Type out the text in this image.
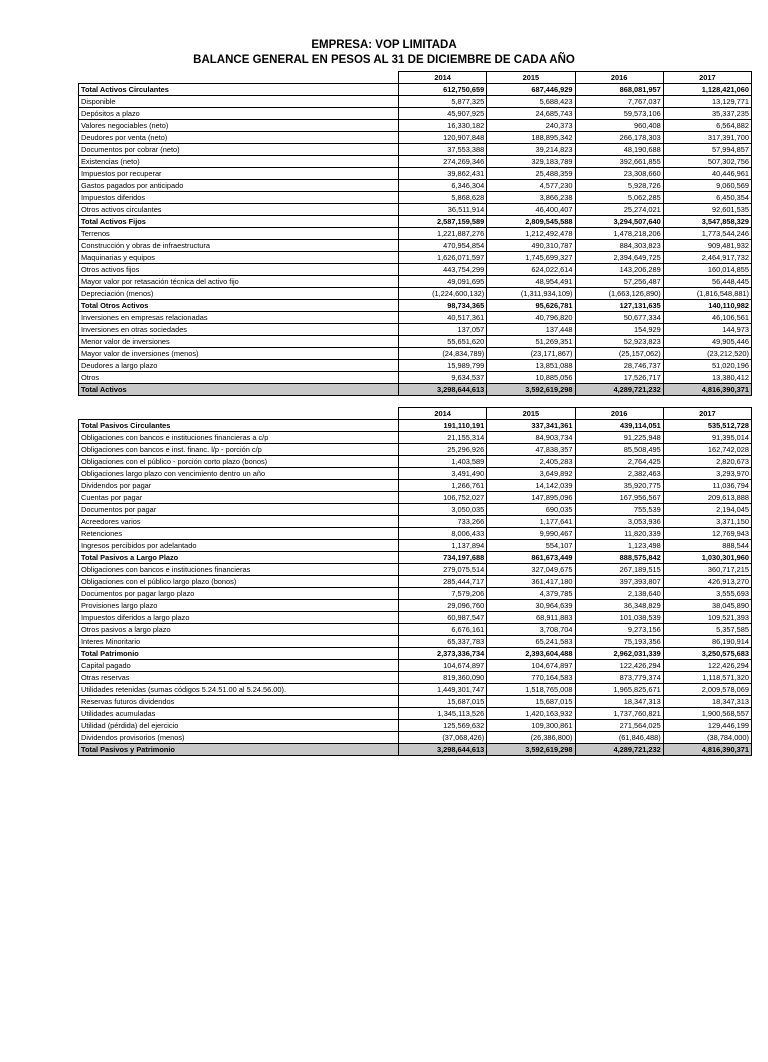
EMPRESA: VOP LIMITADA
BALANCE GENERAL EN PESOS AL 31 DE DICIEMBRE DE CADA AÑO
	2014	2015	2016	2017
Total Activos Circulantes	612,750,659	687,446,929	868,081,957	1,128,421,060
Disponible	5,877,325	5,688,423	7,767,037	13,129,771
Depósitos a plazo	45,907,925	24,685,743	59,573,106	35,337,235
Valores negociables (neto)	16,330,182	240,373	960,408	6,564,882
Deudores por venta (neto)	120,907,848	188,895,342	266,178,303	317,391,700
Documentos por cobrar (neto)	37,553,388	39,214,823	48,190,688	57,994,857
Existencias (neto)	274,269,346	329,183,789	392,661,855	507,302,756
Impuestos por recuperar	39,862,431	25,488,359	23,308,660	40,446,961
Gastos pagados por anticipado	6,346,304	4,577,230	5,928,726	9,060,569
Impuestos diferidos	5,868,628	3,866,238	5,062,285	6,450,354
Otros activos circulantes	36,511,914	46,400,407	25,274,021	92,601,535
Total Activos Fijos	2,587,159,589	2,809,545,588	3,294,507,640	3,547,858,329
Terrenos	1,221,887,276	1,212,492,478	1,478,218,206	1,773,544,246
Construcción y obras de infraestructura	470,954,854	490,310,787	884,303,823	909,481,932
Maquinarias y equipos	1,626,071,597	1,745,699,327	2,394,649,725	2,464,917,732
Otros activos fijos	443,754,299	624,022,614	143,206,289	160,014,855
Mayor valor por retasación técnica del activo fijo	49,091,695	48,954,491	57,256,487	56,448,445
Depreciación (menos)	(1,224,600,132)	(1,311,934,109)	(1,663,126,890)	(1,816,548,881)
Total Otros Activos	98,734,365	95,626,781	127,131,635	140,110,982
Inversiones en empresas relacionadas	40,517,361	40,796,820	50,677,334	46,106,561
Inversiones en otras sociedades	137,057	137,448	154,929	144,973
Menor valor de inversiones	55,651,620	51,269,351	52,923,823	49,905,446
Mayor valor de inversiones (menos)	(24,834,789)	(23,171,867)	(25,157,062)	(23,212,520)
Deudores a largo plazo	15,989,799	13,851,088	28,746,737	51,020,196
Otros	9,634,537	10,885,056	17,526,717	13,380,412
Total Activos	3,298,644,613	3,592,619,298	4,289,721,232	4,816,390,371
	2014	2015	2016	2017
Total Pasivos Circulantes	191,110,191	337,341,361	439,114,051	535,512,728
Obligaciones con bancos e instituciones financieras a c/p	21,155,314	84,903,734	91,225,948	91,395,014
Obligaciones con bancos e inst. financ. l/p - porción c/p	25,296,926	47,838,357	85,508,495	162,742,028
Obligaciones con el público - porción corto plazo (bonos)	1,403,589	2,405,283	2,764,425	2,820,673
Obligaciones largo plazo con vencimiento dentro un año	3,491,490	3,649,892	2,382,463	3,293,970
Dividendos por pagar	1,266,761	14,142,039	35,920,775	11,036,794
Cuentas por pagar	106,752,027	147,895,096	167,956,567	209,613,888
Documentos por pagar	3,050,035	690,035	755,539	2,194,045
Acreedores varios	733,266	1,177,641	3,053,936	3,371,150
Retenciones	8,006,433	9,990,467	11,820,339	12,769,943
Ingresos percibidos por adelantado	1,137,894	554,107	1,123,498	888,544
Total Pasivos a Largo Plazo	734,197,688	861,673,449	888,575,842	1,030,301,960
Obligaciones con bancos e instituciones financieras	279,075,514	327,049,675	267,189,515	360,717,215
Obligaciones con el público largo plazo (bonos)	285,444,717	361,417,180	397,393,807	426,913,270
Documentos por pagar largo plazo	7,579,206	4,379,785	2,138,640	3,555,693
Provisiones largo plazo	29,096,760	30,964,639	36,348,829	38,045,890
Impuestos diferidos a largo plazo	60,987,547	68,911,883	101,038,539	109,521,393
Otros pasivos a largo plazo	6,676,161	3,708,704	9,273,156	5,357,585
Interes Minoritario	65,337,783	65,241,583	75,193,356	86,190,914
Total Patrimonio	2,373,336,734	2,393,604,488	2,962,031,339	3,250,575,683
Capital pagado	104,674,897	104,674,897	122,426,294	122,426,294
Otras reservas	819,360,090	770,164,583	873,779,374	1,118,571,320
Utilidades retenidas (sumas códigos 5.24.51.00 al 5.24.56.00).	1,449,301,747	1,518,765,008	1,965,825,671	2,009,578,069
Reservas futuros dividendos	15,687,015	15,687,015	18,347,313	18,347,313
Utilidades acumuladas	1,345,113,526	1,420,163,932	1,737,760,821	1,900,568,557
Utilidad (pérdida) del ejercicio	125,569,632	109,300,861	271,564,025	129,446,199
Dividendos provisorios (menos)	(37,068,426)	(26,386,800)	(61,846,488)	(38,784,000)
Total Pasivos y Patrimonio	3,298,644,613	3,592,619,298	4,289,721,232	4,816,390,371
